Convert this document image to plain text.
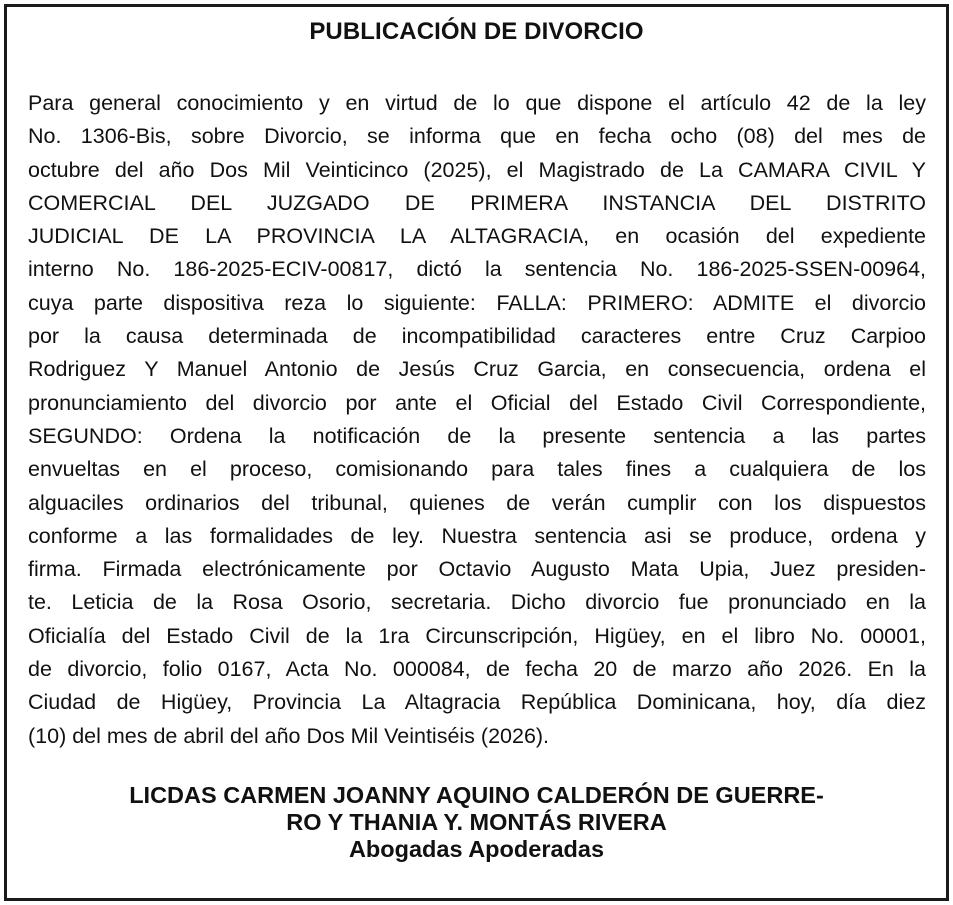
PUBLICACIÓN DE DIVORCIO
Para general conocimiento y en virtud de lo que dispone el artículo 42 de la ley
No. 1306-Bis, sobre Divorcio, se informa que en fecha ocho (08) del mes de
octubre del año Dos Mil Veinticinco (2025), el Magistrado de La CAMARA CIVIL Y
COMERCIAL DEL JUZGADO DE PRIMERA INSTANCIA DEL DISTRITO
JUDICIAL DE LA PROVINCIA LA ALTAGRACIA, en ocasión del expediente
interno No. 186-2025-ECIV-00817, dictó la sentencia No. 186-2025-SSEN-00964,
cuya parte dispositiva reza lo siguiente: FALLA: PRIMERO: ADMITE el divorcio
por la causa determinada de incompatibilidad caracteres entre Cruz Carpioo
Rodriguez Y Manuel Antonio de Jesús Cruz Garcia, en consecuencia, ordena el
pronunciamiento del divorcio por ante el Oficial del Estado Civil Correspondiente,
SEGUNDO: Ordena la notificación de la presente sentencia a las partes
envueltas en el proceso, comisionando para tales fines a cualquiera de los
alguaciles ordinarios del tribunal, quienes de verán cumplir con los dispuestos
conforme a las formalidades de ley. Nuestra sentencia asi se produce, ordena y
firma. Firmada electrónicamente por Octavio Augusto Mata Upia, Juez presiden-
te. Leticia de la Rosa Osorio, secretaria. Dicho divorcio fue pronunciado en la
Oficialía del Estado Civil de la 1ra Circunscripción, Higüey, en el libro No. 00001,
de divorcio, folio 0167, Acta No. 000084, de fecha 20 de marzo año 2026. En la
Ciudad de Higüey, Provincia La Altagracia República Dominicana, hoy, día diez
(10) del mes de abril del año Dos Mil Veintiséis (2026).
LICDAS CARMEN JOANNY AQUINO CALDERÓN DE GUERRE-
RO Y THANIA Y. MONTÁS RIVERA
Abogadas Apoderadas
